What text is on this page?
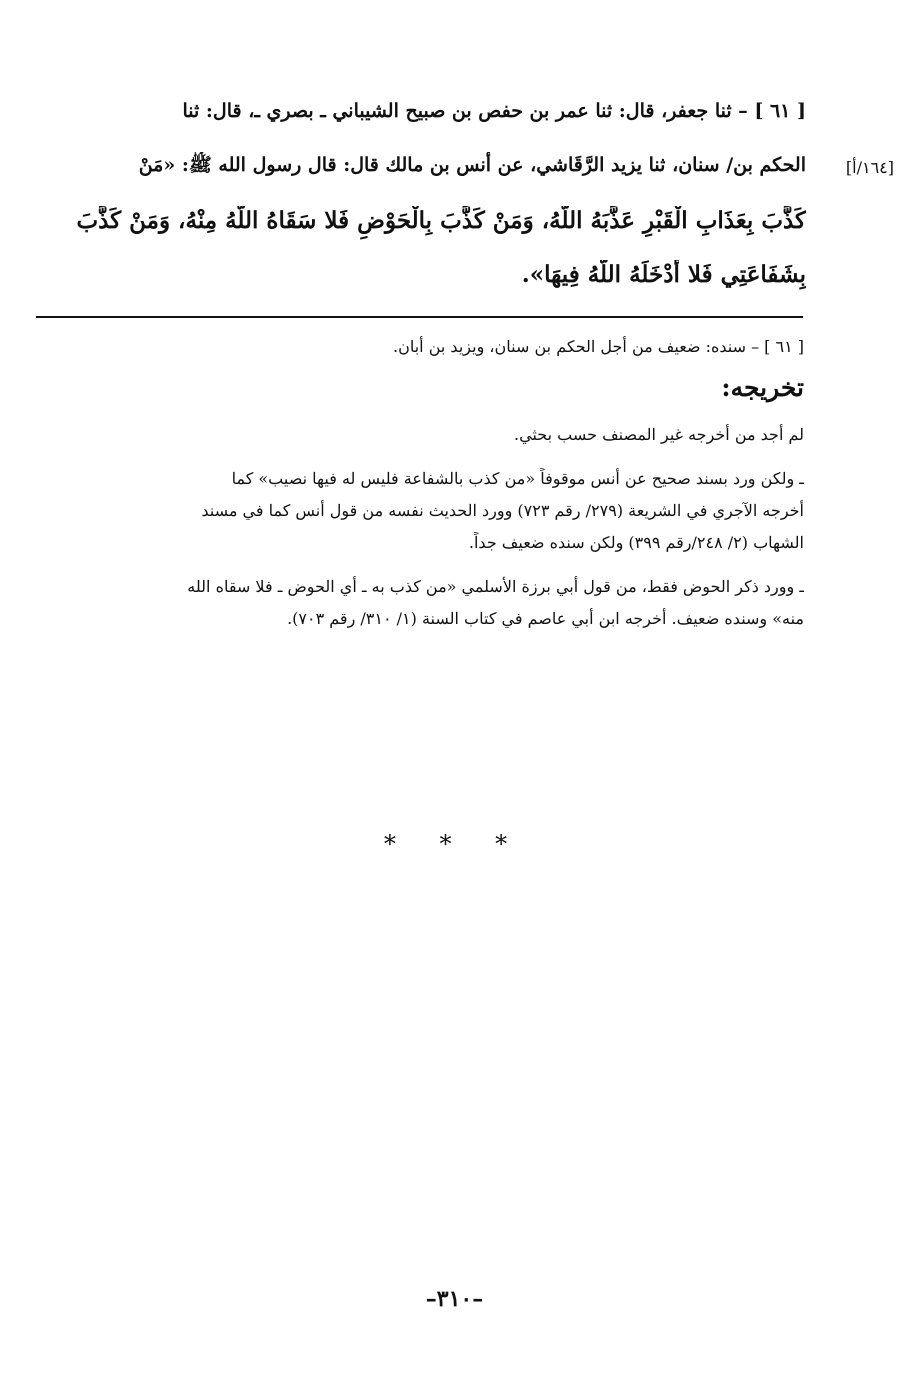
[١٦٤/أ]

[ ٦١ ] – ثنا جعفر، قال: ثنا عمر بن حفص بن صبيح الشيباني ـ بصري ـ، قال: ثنا

الحكم بن/ سنان، ثنا يزيد الرَّقَاشي، عن أنس بن مالك قال: قال رسول الله ﷺ: «مَنْ

كَذَّبَ بِعَذَابِ الْقَبْرِ عَذَّبَهُ اللَّهُ، وَمَنْ كَذَّبَ بِالْحَوْضِ فَلا سَقَاهُ اللَّهُ مِنْهُ، وَمَنْ كَذَّبَ

بِشَفَاعَتِي فَلا أَدْخَلَهُ اللَّهُ فِيهَا».

[ ٦١ ] – سنده: ضعيف من أجل الحكم بن سنان، ويزيد بن أبان.

تخريجه:

لم أجد من أخرجه غير المصنف حسب بحثي.

ـ ولكن ورد بسند صحيح عن أنس موقوفاً «من كذب بالشفاعة فليس له فيها نصيب» كما

أخرجه الآجري في الشريعة (٢٧٩/ رقم ٧٢٣) وورد الحديث نفسه من قول أنس كما في مسند

الشهاب (٢/ ٢٤٨/رقم ٣٩٩) ولكن سنده ضعيف جداً.

ـ وورد ذكر الحوض فقط، من قول أبي برزة الأسلمي «من كذب به ـ أي الحوض ـ فلا سقاه الله

منه» وسنده ضعيف. أخرجه ابن أبي عاصم في كتاب السنة (١/ ٣١٠/ رقم ٧٠٣).

* * *
–٣١٠–
